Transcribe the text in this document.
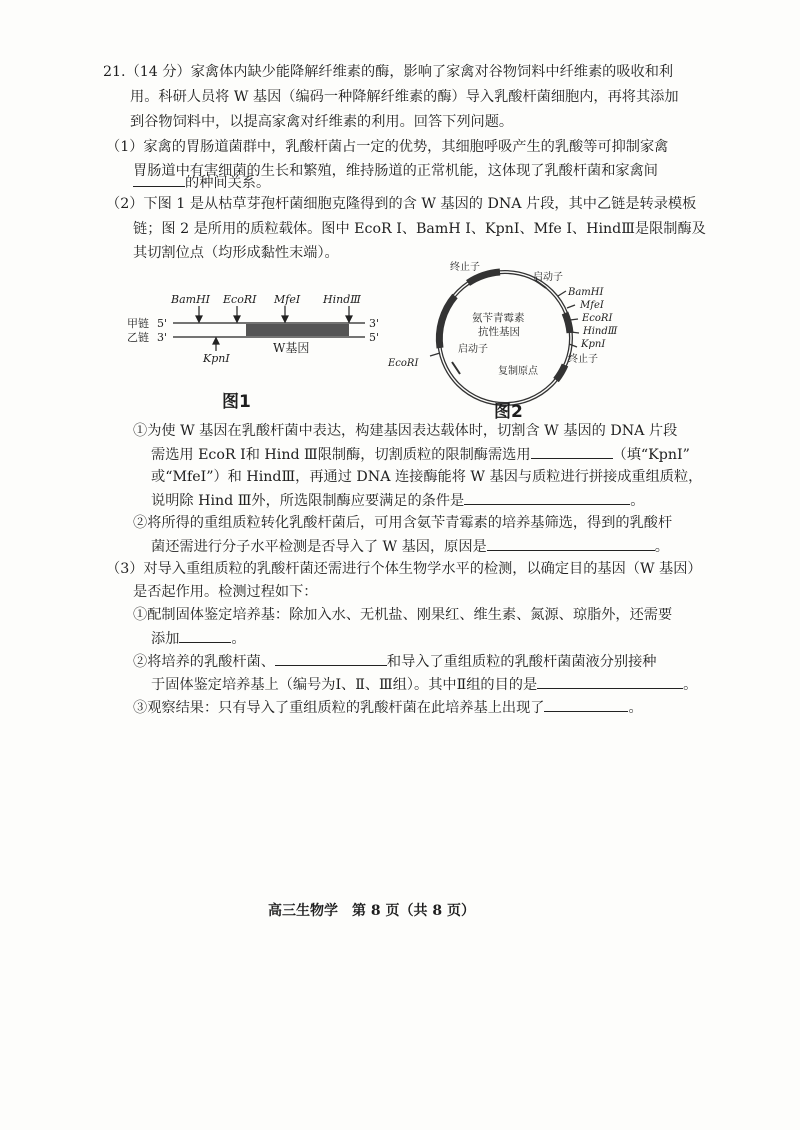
21.（14 分）家禽体内缺少能降解纤维素的酶，影响了家禽对谷物饲料中纤维素的吸收和利
用。科研人员将 W 基因（编码一种降解纤维素的酶）导入乳酸杆菌细胞内，再将其添加
到谷物饲料中，以提高家禽对纤维素的利用。回答下列问题。
（1）家禽的胃肠道菌群中，乳酸杆菌占一定的优势，其细胞呼吸产生的乳酸等可抑制家禽
胃肠道中有害细菌的生长和繁殖，维持肠道的正常机能，这体现了乳酸杆菌和家禽间
的种间关系。
（2）下图 1 是从枯草芽孢杆菌细胞克隆得到的含 W 基因的 DNA 片段，其中乙链是转录模板
链；图 2 是所用的质粒载体。图中 EcoR Ⅰ、BamH Ⅰ、KpnⅠ、Mfe Ⅰ、HindⅢ是限制酶及
其切割位点（均形成黏性末端）。
BamHⅠ EcoRⅠ MfeⅠ HindⅢ
甲链
乙链
5'
3'
3'
5'
KpnⅠ
W基因
图1
终止子
启动子
BamHⅠ
MfeⅠ
EcoRⅠ
HindⅢ
KpnⅠ
终止子
氨苄青霉素
抗性基因
启动子
EcoRⅠ
复制原点
图2
①为使 W 基因在乳酸杆菌中表达，构建基因表达载体时，切割含 W 基因的 DNA 片段
需选用 EcoR Ⅰ和 Hind Ⅲ限制酶，切割质粒的限制酶需选用	（填“KpnⅠ”
或“MfeⅠ”）和 HindⅢ，再通过 DNA 连接酶能将 W 基因与质粒进行拼接成重组质粒，
说明除 Hind Ⅲ外，所选限制酶应要满足的条件是	。
②将所得的重组质粒转化乳酸杆菌后，可用含氨苄青霉素的培养基筛选，得到的乳酸杆
菌还需进行分子水平检测是否导入了 W 基因，原因是	。
（3）对导入重组质粒的乳酸杆菌还需进行个体生物学水平的检测，以确定目的基因（W 基因）
是否起作用。检测过程如下：
①配制固体鉴定培养基：除加入水、无机盐、刚果红、维生素、氮源、琼脂外，还需要
添加	。
②将培养的乳酸杆菌、	和导入了重组质粒的乳酸杆菌菌液分别接种
于固体鉴定培养基上（编号为Ⅰ、Ⅱ、Ⅲ组）。其中Ⅱ组的目的是	。
③观察结果：只有导入了重组质粒的乳酸杆菌在此培养基上出现了	。
高三生物学　第 8 页（共 8 页）
